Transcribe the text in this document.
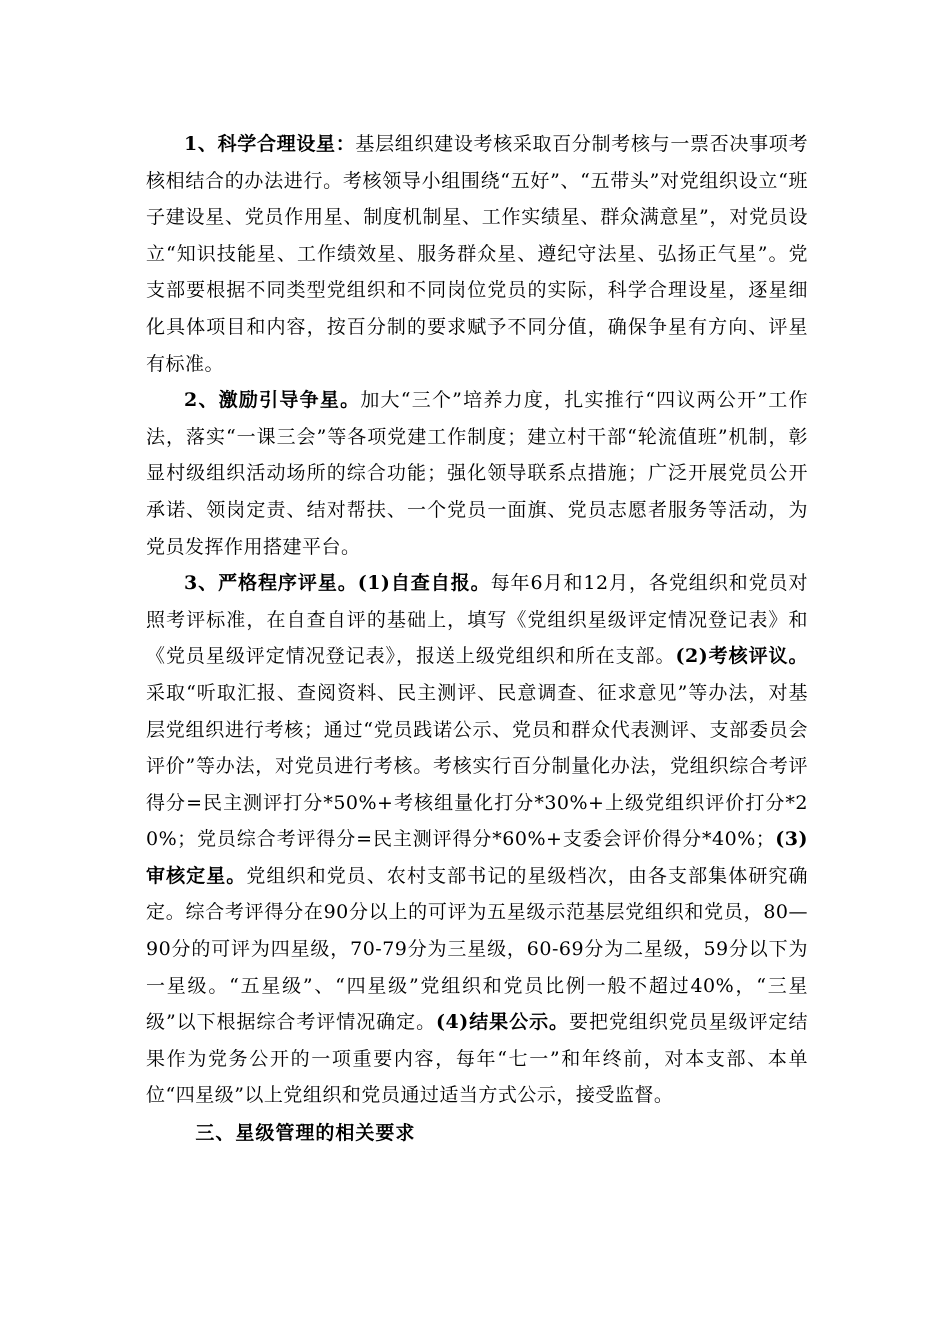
1、科学合理设星：基层组织建设考核采取百分制考核与一票否决事项考核相结合的办法进行。考核领导小组围绕“五好”、“五带头”对党组织设立“班子建设星、党员作用星、制度机制星、工作实绩星、群众满意星”，对党员设立“知识技能星、工作绩效星、服务群众星、遵纪守法星、弘扬正气星”。党支部要根据不同类型党组织和不同岗位党员的实际，科学合理设星，逐星细化具体项目和内容，按百分制的要求赋予不同分值，确保争星有方向、评星有标准。

2、激励引导争星。加大“三个”培养力度，扎实推行“四议两公开”工作法，落实“一课三会”等各项党建工作制度；建立村干部“轮流值班”机制，彰显村级组织活动场所的综合功能；强化领导联系点措施；广泛开展党员公开承诺、领岗定责、结对帮扶、一个党员一面旗、党员志愿者服务等活动，为党员发挥作用搭建平台。

3、严格程序评星。(1)自查自报。每年6月和12月，各党组织和党员对照考评标准，在自查自评的基础上，填写《党组织星级评定情况登记表》和《党员星级评定情况登记表》，报送上级党组织和所在支部。(2)考核评议。采取“听取汇报、查阅资料、民主测评、民意调查、征求意见”等办法，对基层党组织进行考核；通过“党员践诺公示、党员和群众代表测评、支部委员会评价”等办法，对党员进行考核。考核实行百分制量化办法，党组织综合考评得分=民主测评打分*50%+考核组量化打分*30%+上级党组织评价打分*20%；党员综合考评得分=民主测评得分*60%+支委会评价得分*40%；(3)审核定星。党组织和党员、农村支部书记的星级档次，由各支部集体研究确定。综合考评得分在90分以上的可评为五星级示范基层党组织和党员，80—90分的可评为四星级，70-79分为三星级，60-69分为二星级，59分以下为一星级。“五星级”、“四星级”党组织和党员比例一般不超过40%，“三星级”以下根据综合考评情况确定。(4)结果公示。要把党组织党员星级评定结果作为党务公开的一项重要内容，每年“七一”和年终前，对本支部、本单位“四星级”以上党组织和党员通过适当方式公示，接受监督。

三、星级管理的相关要求
